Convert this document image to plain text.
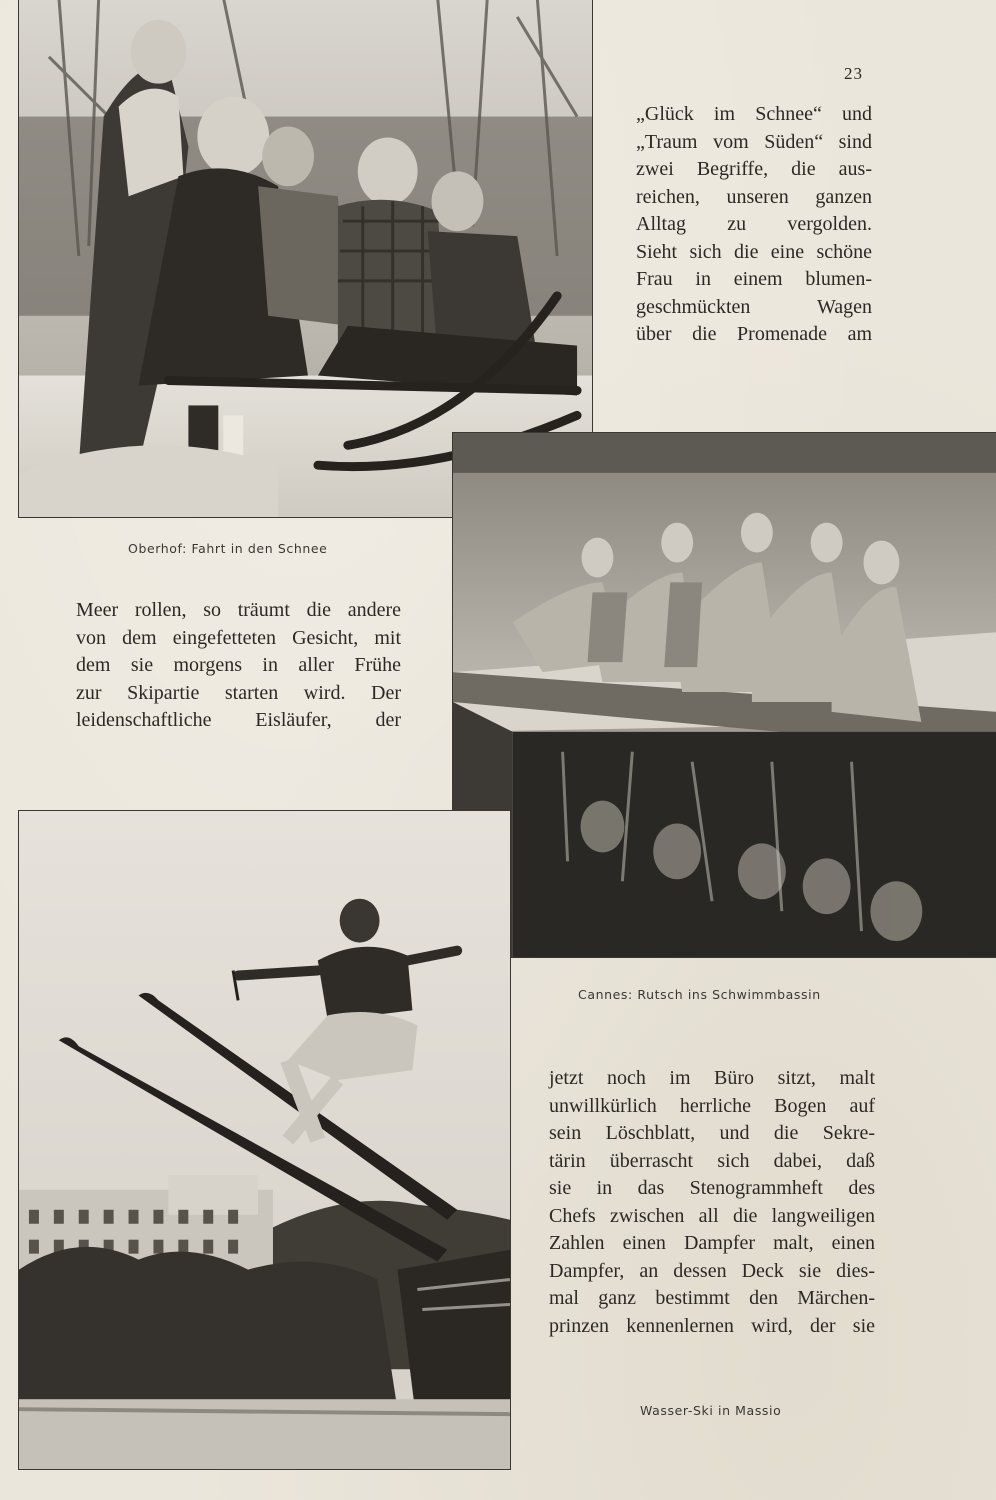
23
Oberhof: Fahrt in den Schnee
Cannes: Rutsch ins Schwimmbassin
Wasser-Ski in Massio
„Glück im Schnee“ und
„Traum vom Süden“ sind
zwei Begriffe, die aus-
reichen, unseren ganzen
Alltag zu vergolden.
Sieht sich die eine schöne
Frau in einem blumen-
geschmückten Wagen
über die Promenade am
Meer rollen, so träumt die andere
von dem eingefetteten Gesicht, mit
dem sie morgens in aller Frühe
zur Skipartie starten wird. Der
leidenschaftliche Eisläufer, der
jetzt noch im Büro sitzt, malt
unwillkürlich herrliche Bogen auf
sein Löschblatt, und die Sekre-
tärin überrascht sich dabei, daß
sie in das Stenogrammheft des
Chefs zwischen all die langweiligen
Zahlen einen Dampfer malt, einen
Dampfer, an dessen Deck sie dies-
mal ganz bestimmt den Märchen-
prinzen kennenlernen wird, der sie
